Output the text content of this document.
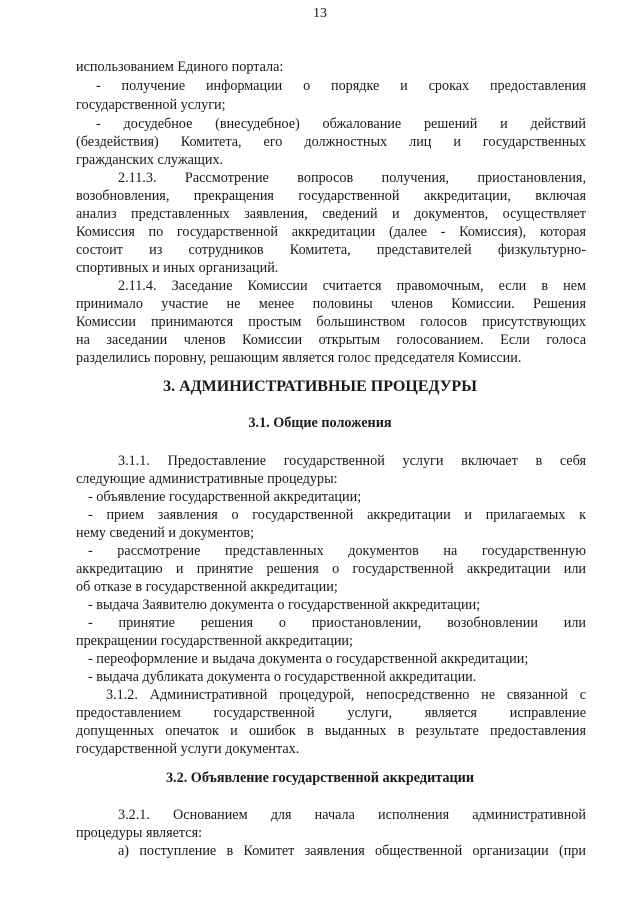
13
использованием Единого портала:
- получение информации о порядке и сроках предоставления
государственной услуги;
- досудебное (внесудебное) обжалование решений и действий
(бездействия) Комитета, его должностных лиц и государственных
гражданских служащих.
2.11.3. Рассмотрение вопросов получения, приостановления,
возобновления, прекращения государственной аккредитации, включая
анализ представленных заявления, сведений и документов, осуществляет
Комиссия по государственной аккредитации (далее - Комиссия), которая
состоит из сотрудников Комитета, представителей физкультурно-
спортивных и иных организаций.
2.11.4. Заседание Комиссии считается правомочным, если в нем
принимало участие не менее половины членов Комиссии. Решения
Комиссии принимаются простым большинством голосов присутствующих
на заседании членов Комиссии открытым голосованием. Если голоса
разделились поровну, решающим является голос председателя Комиссии.
3. АДМИНИСТРАТИВНЫЕ ПРОЦЕДУРЫ
3.1. Общие положения
3.1.1. Предоставление государственной услуги включает в себя
следующие административные процедуры:
- объявление государственной аккредитации;
- прием заявления о государственной аккредитации и прилагаемых к
нему сведений и документов;
- рассмотрение представленных документов на государственную
аккредитацию и принятие решения о государственной аккредитации или
об отказе в государственной аккредитации;
- выдача Заявителю документа о государственной аккредитации;
- принятие решения о приостановлении, возобновлении или
прекращении государственной аккредитации;
- переоформление и выдача документа о государственной аккредитации;
- выдача дубликата документа о государственной аккредитации.
3.1.2. Административной процедурой, непосредственно не связанной с
предоставлением государственной услуги, является исправление
допущенных опечаток и ошибок в выданных в результате предоставления
государственной услуги документах.
3.2. Объявление государственной аккредитации
3.2.1. Основанием для начала исполнения административной
процедуры является:
а) поступление в Комитет заявления общественной организации (при
